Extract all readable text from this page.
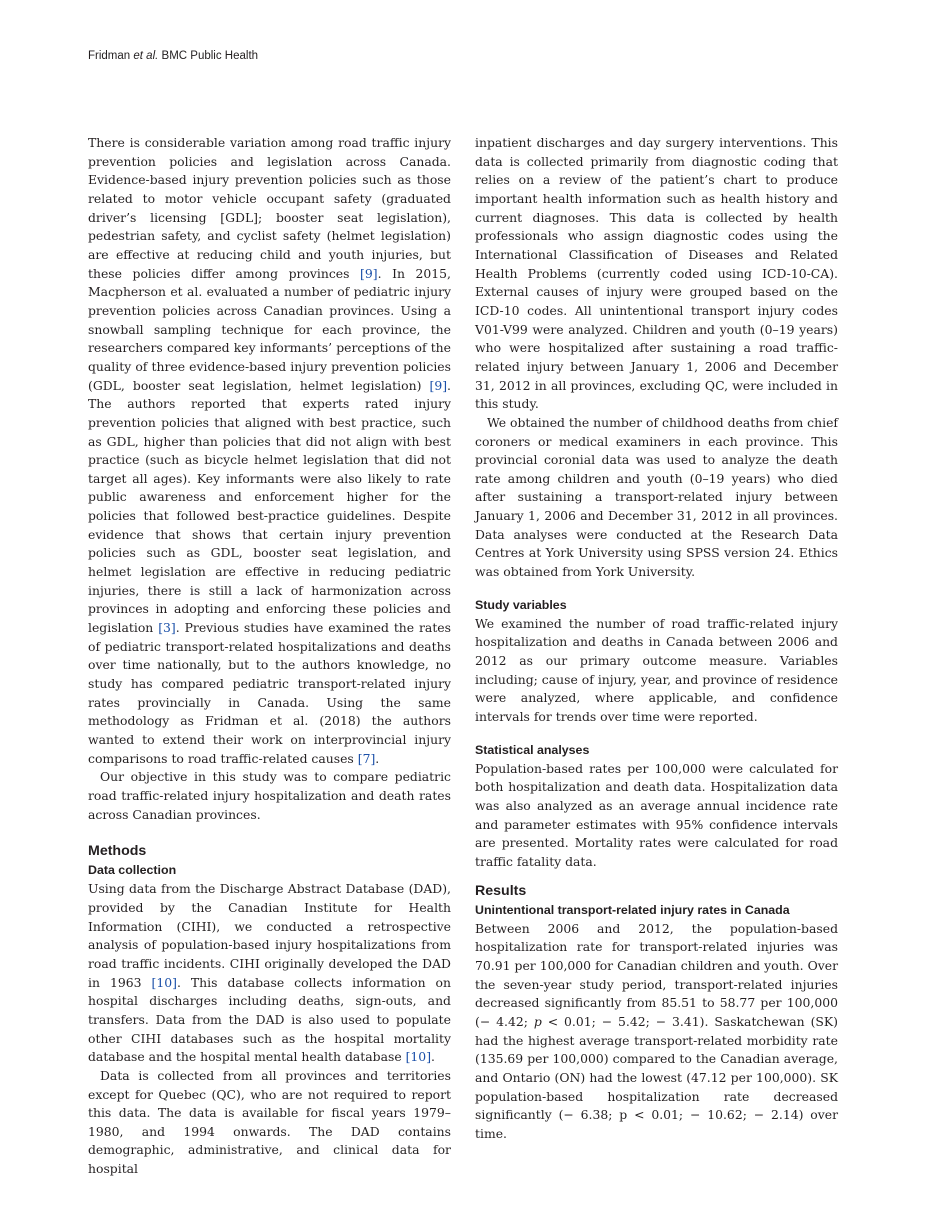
Fridman et al. BMC Public Health

There is considerable variation among road traffic injury prevention policies and legislation across Canada. Evidence-based injury prevention policies such as those related to motor vehicle occupant safety (graduated driver’s licensing [GDL]; booster seat legislation), pedestrian safety, and cyclist safety (helmet legislation) are effective at reducing child and youth injuries, but these policies differ among provinces [9]. In 2015, Macpherson et al. evaluated a number of pediatric injury prevention policies across Canadian provinces. Using a snowball sampling technique for each province, the researchers compared key informants’ perceptions of the quality of three evidence-based injury prevention policies (GDL, booster seat legislation, helmet legislation) [9]. The authors reported that experts rated injury prevention policies that aligned with best practice, such as GDL, higher than policies that did not align with best practice (such as bicycle helmet legislation that did not target all ages). Key informants were also likely to rate public awareness and enforcement higher for the policies that followed best-practice guidelines. Despite evidence that shows that certain injury prevention policies such as GDL, booster seat legislation, and helmet legislation are effective in reducing pediatric injuries, there is still a lack of harmonization across provinces in adopting and enforcing these policies and legislation [3]. Previous studies have examined the rates of pediatric transport-related hospitalizations and deaths over time nationally, but to the authors knowledge, no study has compared pediatric transport-related injury rates provincially in Canada. Using the same methodology as Fridman et al. (2018) the authors wanted to extend their work on interprovincial injury comparisons to road traffic-related causes [7].

Our objective in this study was to compare pediatric road traffic-related injury hospitalization and death rates across Canadian provinces.

Methods
Data collection

Using data from the Discharge Abstract Database (DAD), provided by the Canadian Institute for Health Information (CIHI), we conducted a retrospective analysis of population-based injury hospitalizations from road traffic incidents. CIHI originally developed the DAD in 1963 [10]. This database collects information on hospital discharges including deaths, sign-outs, and transfers. Data from the DAD is also used to populate other CIHI databases such as the hospital mortality database and the hospital mental health database [10].

Data is collected from all provinces and territories except for Quebec (QC), who are not required to report this data. The data is available for fiscal years 1979–1980, and 1994 onwards. The DAD contains demographic, administrative, and clinical data for hospital

inpatient discharges and day surgery interventions. This data is collected primarily from diagnostic coding that relies on a review of the patient’s chart to produce important health information such as health history and current diagnoses. This data is collected by health professionals who assign diagnostic codes using the International Classification of Diseases and Related Health Problems (currently coded using ICD-10-CA). External causes of injury were grouped based on the ICD-10 codes. All unintentional transport injury codes V01-V99 were analyzed. Children and youth (0–19 years) who were hospitalized after sustaining a road traffic-related injury between January 1, 2006 and December 31, 2012 in all provinces, excluding QC, were included in this study.

We obtained the number of childhood deaths from chief coroners or medical examiners in each province. This provincial coronial data was used to analyze the death rate among children and youth (0–19 years) who died after sustaining a transport-related injury between January 1, 2006 and December 31, 2012 in all provinces. Data analyses were conducted at the Research Data Centres at York University using SPSS version 24. Ethics was obtained from York University.

Study variables

We examined the number of road traffic-related injury hospitalization and deaths in Canada between 2006 and 2012 as our primary outcome measure. Variables including; cause of injury, year, and province of residence were analyzed, where applicable, and confidence intervals for trends over time were reported.

Statistical analyses

Population-based rates per 100,000 were calculated for both hospitalization and death data. Hospitalization data was also analyzed as an average annual incidence rate and parameter estimates with 95% confidence intervals are presented. Mortality rates were calculated for road traffic fatality data.

Results
Unintentional transport-related injury rates in Canada

Between 2006 and 2012, the population-based hospitalization rate for transport-related injuries was 70.91 per 100,000 for Canadian children and youth. Over the seven-year study period, transport-related injuries decreased significantly from 85.51 to 58.77 per 100,000 (− 4.42; p < 0.01; − 5.42; − 3.41). Saskatchewan (SK) had the highest average transport-related morbidity rate (135.69 per 100,000) compared to the Canadian average, and Ontario (ON) had the lowest (47.12 per 100,000). SK population-based hospitalization rate decreased significantly (− 6.38; p < 0.01; − 10.62; − 2.14) over time.
